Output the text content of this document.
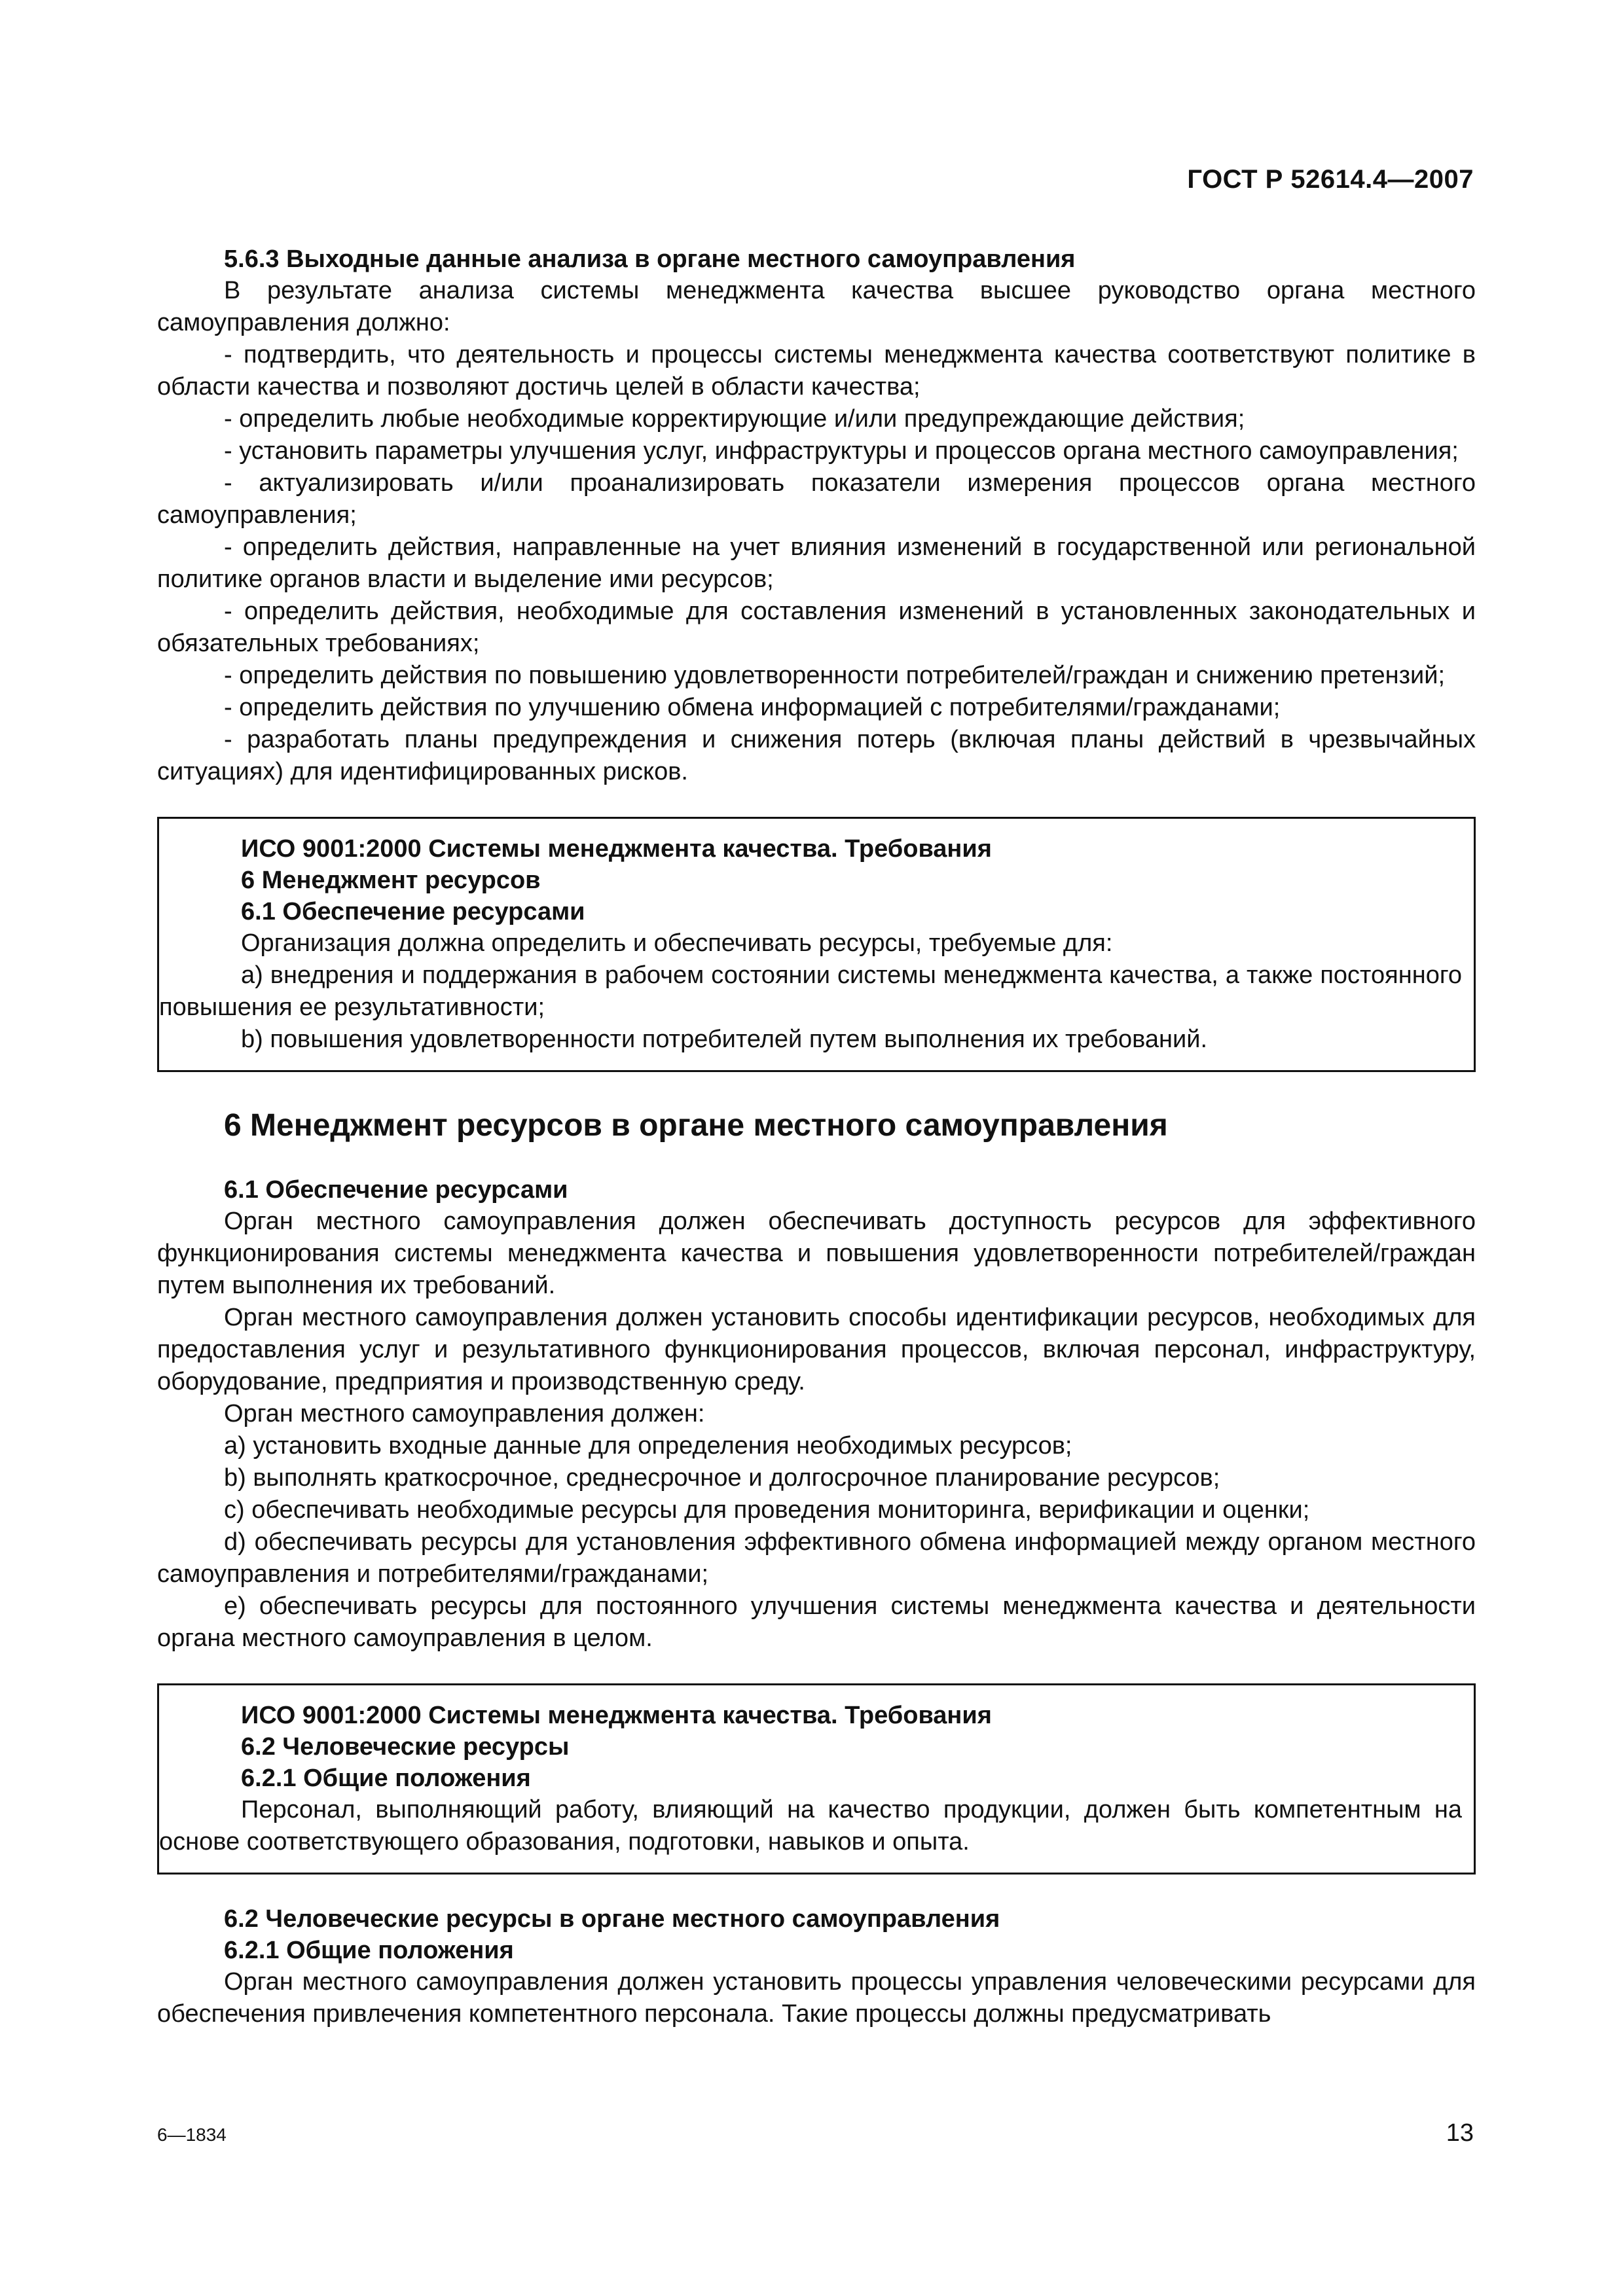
ГОСТ Р 52614.4—2007
5.6.3 Выходные данные анализа в органе местного самоуправления

В результате анализа системы менеджмента качества высшее руководство органа местного самоуправления должно:

- подтвердить, что деятельность и процессы системы менеджмента качества соответствуют политике в области качества и позволяют достичь целей в области качества;

- определить любые необходимые корректирующие и/или предупреждающие действия;

- установить параметры улучшения услуг, инфраструктуры и процессов органа местного самоуправления;

- актуализировать и/или проанализировать показатели измерения процессов органа местного самоуправления;

- определить действия, направленные на учет влияния изменений в государственной или региональной политике органов власти и выделение ими ресурсов;

- определить действия, необходимые для составления изменений в установленных законодательных и обязательных требованиях;

- определить действия по повышению удовлетворенности потребителей/граждан и снижению претензий;

- определить действия по улучшению обмена информацией с потребителями/гражданами;

- разработать планы предупреждения и снижения потерь (включая планы действий в чрезвычайных ситуациях) для идентифицированных рисков.

ИСО 9001:2000 Системы менеджмента качества. Требования
6 Менеджмент ресурсов
6.1 Обеспечение ресурсами

Организация должна определить и обеспечивать ресурсы, требуемые для:

a) внедрения и поддержания в рабочем состоянии системы менеджмента качества, а также постоянного повышения ее результативности;

b) повышения удовлетворенности потребителей путем выполнения их требований.

6 Менеджмент ресурсов в органе местного самоуправления
6.1 Обеспечение ресурсами

Орган местного самоуправления должен обеспечивать доступность ресурсов для эффективного функционирования системы менеджмента качества и повышения удовлетворенности потребителей/граждан путем выполнения их требований.

Орган местного самоуправления должен установить способы идентификации ресурсов, необходимых для предоставления услуг и результативного функционирования процессов, включая персонал, инфраструктуру, оборудование, предприятия и производственную среду.

Орган местного самоуправления должен:

a) установить входные данные для определения необходимых ресурсов;

b) выполнять краткосрочное, среднесрочное и долгосрочное планирование ресурсов;

c) обеспечивать необходимые ресурсы для проведения мониторинга, верификации и оценки;

d) обеспечивать ресурсы для установления эффективного обмена информацией между органом местного самоуправления и потребителями/гражданами;

e) обеспечивать ресурсы для постоянного улучшения системы менеджмента качества и деятельности органа местного самоуправления в целом.

ИСО 9001:2000 Системы менеджмента качества. Требования
6.2 Человеческие ресурсы
6.2.1 Общие положения

Персонал, выполняющий работу, влияющий на качество продукции, должен быть компетентным на основе соответствующего образования, подготовки, навыков и опыта.

6.2 Человеческие ресурсы в органе местного самоуправления
6.2.1 Общие положения

Орган местного самоуправления должен установить процессы управления человеческими ресурсами для обеспечения привлечения компетентного персонала. Такие процессы должны предусматривать

6—1834	13
